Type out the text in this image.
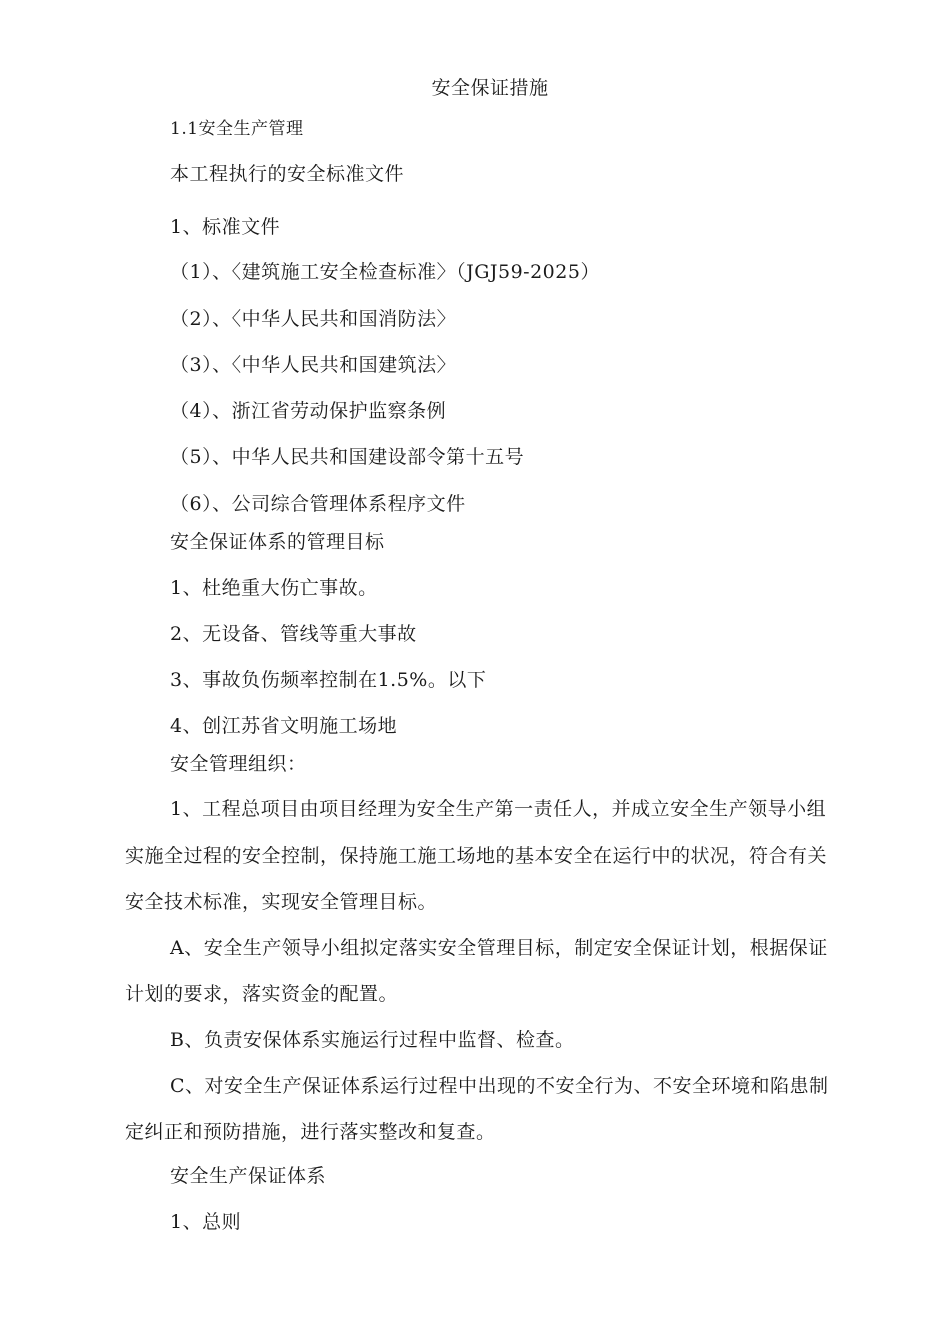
安全保证措施
1.1安全生产管理
本工程执行的安全标准文件
1、标准文件
（1）、〈建筑施工安全检查标准〉（JGJ59-2025）
（2）、〈中华人民共和国消防法〉
（3）、〈中华人民共和国建筑法〉
（4）、浙江省劳动保护监察条例
（5）、中华人民共和国建设部令第十五号
（6）、公司综合管理体系程序文件
安全保证体系的管理目标
1、杜绝重大伤亡事故。
2、无设备、管线等重大事故
3、事故负伤频率控制在1.5%。以下
4、创江苏省文明施工场地
安全管理组织：
1、工程总项目由项目经理为安全生产第一责任人，并成立安全生产领导小组
实施全过程的安全控制，保持施工施工场地的基本安全在运行中的状况，符合有关
安全技术标准，实现安全管理目标。
A、安全生产领导小组拟定落实安全管理目标，制定安全保证计划，根据保证
计划的要求，落实资金的配置。
B、负责安保体系实施运行过程中监督、检查。
C、对安全生产保证体系运行过程中出现的不安全行为、不安全环境和陷患制
定纠正和预防措施，进行落实整改和复查。
安全生产保证体系
1、总则
